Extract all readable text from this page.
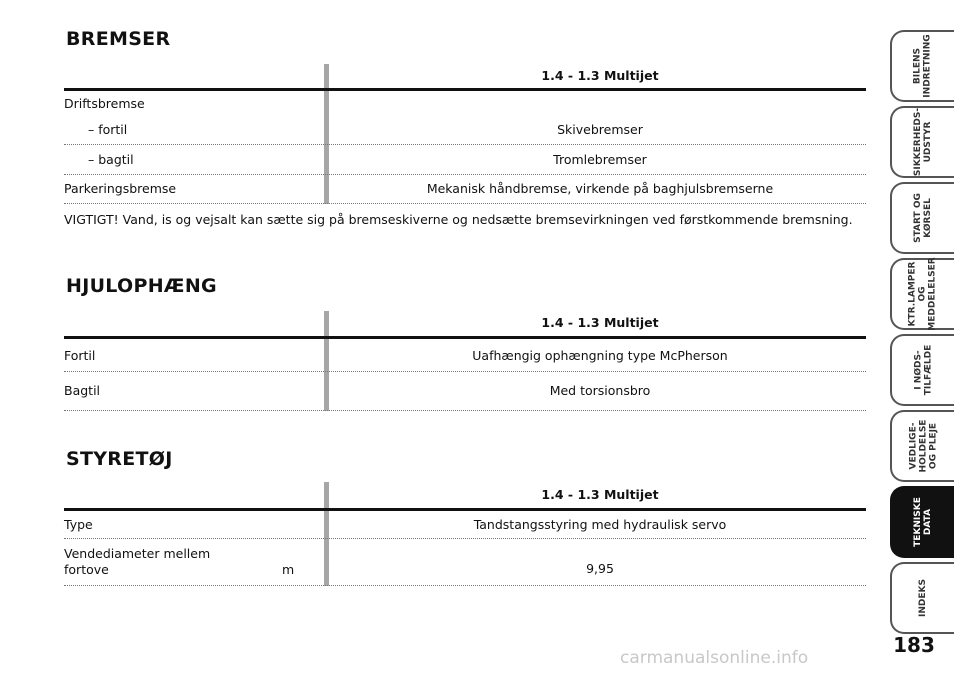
BREMSER
1.4 - 1.3 Multijet
Driftsbremse
– fortil	Skivebremser
– bagtil	Tromlebremser
Parkeringsbremse	Mekanisk håndbremse, virkende på baghjulsbremserne
VIGTIGT! Vand, is og vejsalt kan sætte sig på bremseskiverne og nedsætte bremsevirkningen ved førstkommende bremsning.
HJULOPHÆNG
1.4 - 1.3 Multijet
Fortil	Uafhængig ophængning type McPherson
Bagtil	Med torsionsbro
STYRETØJ
1.4 - 1.3 Multijet
Type	Tandstangsstyring med hydraulisk servo
Vendediameter mellem
fortove	m	9,95
BILENS
INDRETNING
SIKKERHEDS-
UDSTYR
START OG
KØRSEL
KTR.LAMPER
OG
MEDDELELSER
I NØDS-
TILFÆLDE
VEDLIGE-
HOLDELSE
OG PLEJE
TEKNISKE
DATA
INDEKS
183
carmanualsonline.info
